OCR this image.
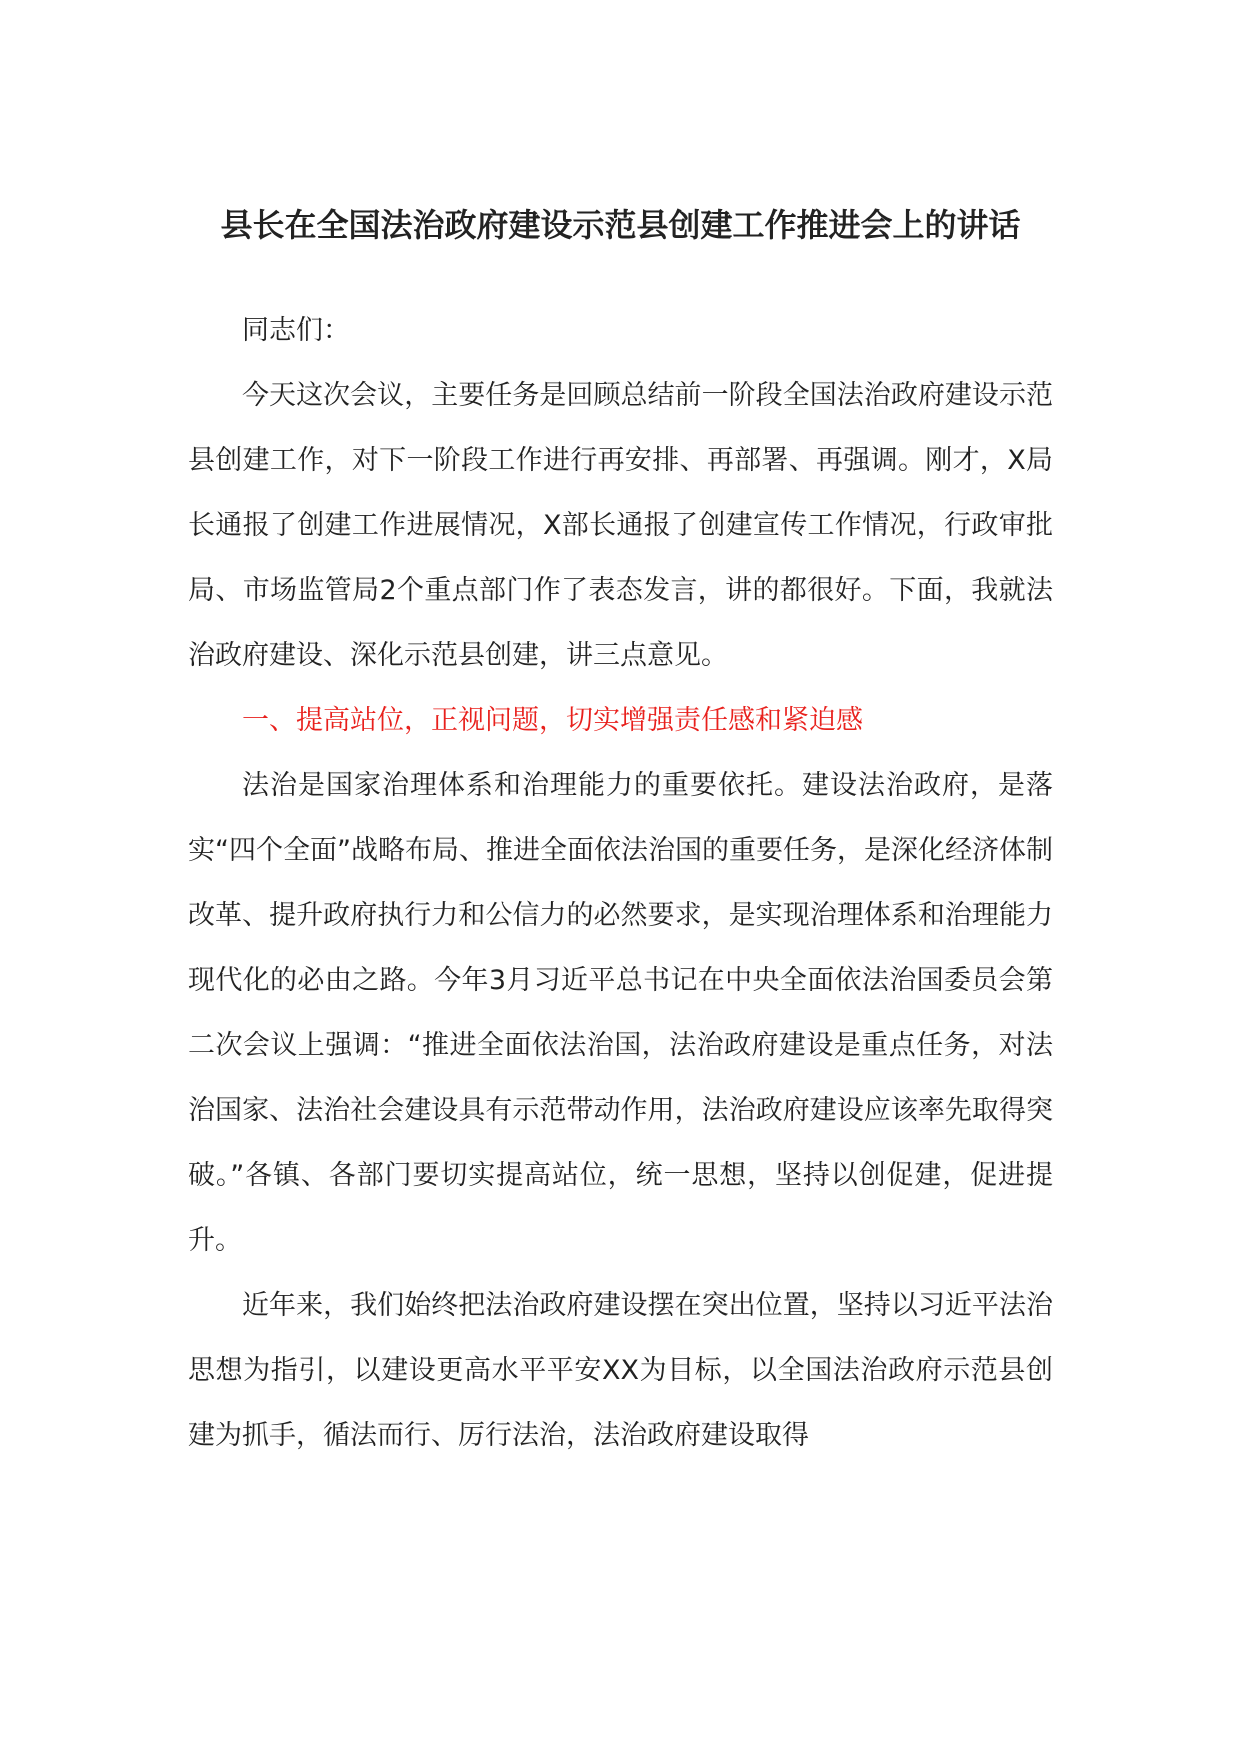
县长在全国法治政府建设示范县创建工作推进会上的讲话

同志们：

今天这次会议，主要任务是回顾总结前一阶段全国法治政府建设示范县创建工作，对下一阶段工作进行再安排、再部署、再强调。刚才，X局长通报了创建工作进展情况，X部长通报了创建宣传工作情况，行政审批局、市场监管局2个重点部门作了表态发言，讲的都很好。下面，我就法治政府建设、深化示范县创建，讲三点意见。

一、提高站位，正视问题，切实增强责任感和紧迫感

法治是国家治理体系和治理能力的重要依托。建设法治政府，是落实“四个全面”战略布局、推进全面依法治国的重要任务，是深化经济体制改革、提升政府执行力和公信力的必然要求，是实现治理体系和治理能力现代化的必由之路。今年3月习近平总书记在中央全面依法治国委员会第二次会议上强调：“推进全面依法治国，法治政府建设是重点任务，对法治国家、法治社会建设具有示范带动作用，法治政府建设应该率先取得突破。”各镇、各部门要切实提高站位，统一思想，坚持以创促建，促进提升。

近年来，我们始终把法治政府建设摆在突出位置，坚持以习近平法治思想为指引，以建设更高水平平安XX为目标，以全国法治政府示范县创建为抓手，循法而行、厉行法治，法治政府建设取得
